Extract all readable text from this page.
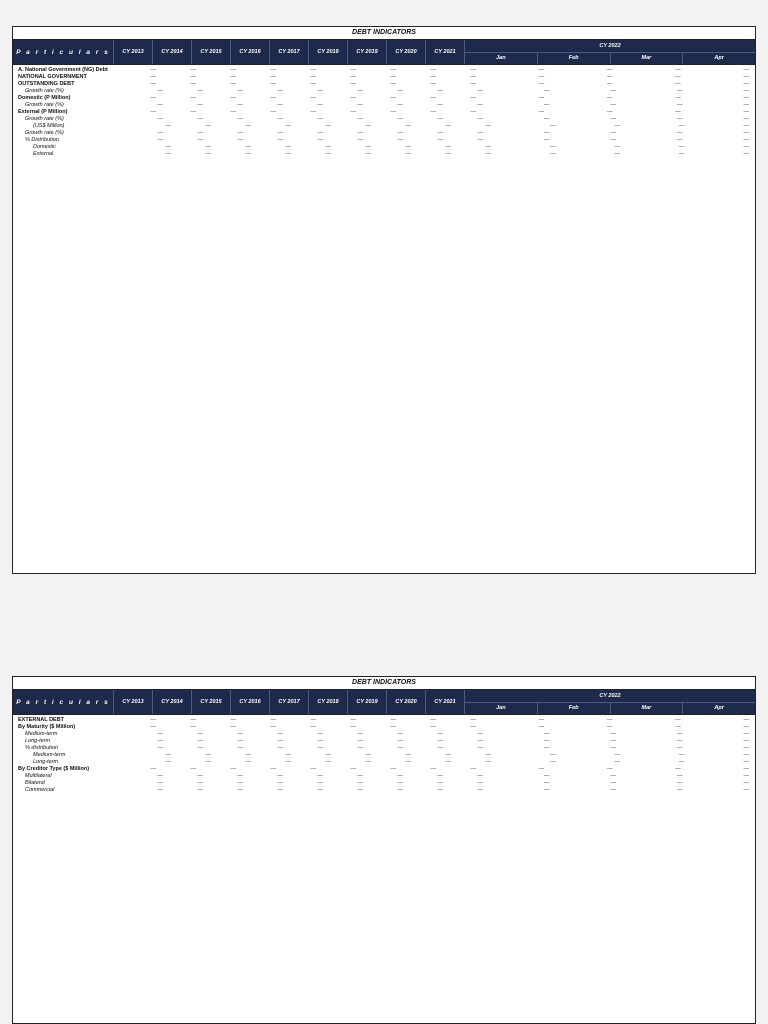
DEBT INDICATORS
P a r t i c u l a r s	CY 2013	CY 2014	CY 2015	CY 2016	CY 2017	CY 2018	CY 2019	CY 2020	CY 2021
CY 2022
Jan	Feb	Mar	Apr
A. National Government (NG) Debt	—	—	—	—	—	—	—	—	—	—	—	—	—
NATIONAL GOVERNMENT	—	—	—	—	—	—	—	—	—	—	—	—	—
OUTSTANDING DEBT	—	—	—	—	—	—	—	—	—	—	—	—	—
Growth rate (%)	—	—	—	—	—	—	—	—	—	—	—	—	—
Domestic (P Million)	—	—	—	—	—	—	—	—	—	—	—	—	—
Growth rate (%)	—	—	—	—	—	—	—	—	—	—	—	—	—
External (P Million)	—	—	—	—	—	—	—	—	—	—	—	—	—
Growth rate (%)	—	—	—	—	—	—	—	—	—	—	—	—	—
(US$ Million)	—	—	—	—	—	—	—	—	—	—	—	—	—
Growth rate (%)	—	—	—	—	—	—	—	—	—	—	—	—	—
% Distribution	—	—	—	—	—	—	—	—	—	—	—	—	—
Domestic	—	—	—	—	—	—	—	—	—	—	—	—	—
External	—	—	—	—	—	—	—	—	—	—	—	—	—
DEBT INDICATORS
P a r t i c u l a r s	CY 2013	CY 2014	CY 2015	CY 2016	CY 2017	CY 2018	CY 2019	CY 2020	CY 2021
CY 2022
Jan	Feb	Mar	Apr
EXTERNAL DEBT	—	—	—	—	—	—	—	—	—	—	—	—	—
By Maturity ($ Million)	—	—	—	—	—	—	—	—	—	—	—	—	—
Medium-term	—	—	—	—	—	—	—	—	—	—	—	—	—
Long-term	—	—	—	—	—	—	—	—	—	—	—	—	—
% distribution	—	—	—	—	—	—	—	—	—	—	—	—	—
Medium-term	—	—	—	—	—	—	—	—	—	—	—	—	—
Long-term	—	—	—	—	—	—	—	—	—	—	—	—	—
By Creditor Type ($ Million)	—	—	—	—	—	—	—	—	—	—	—	—	—
Multilateral	—	—	—	—	—	—	—	—	—	—	—	—	—
Bilateral	—	—	—	—	—	—	—	—	—	—	—	—	—
Commercial	—	—	—	—	—	—	—	—	—	—	—	—	—
